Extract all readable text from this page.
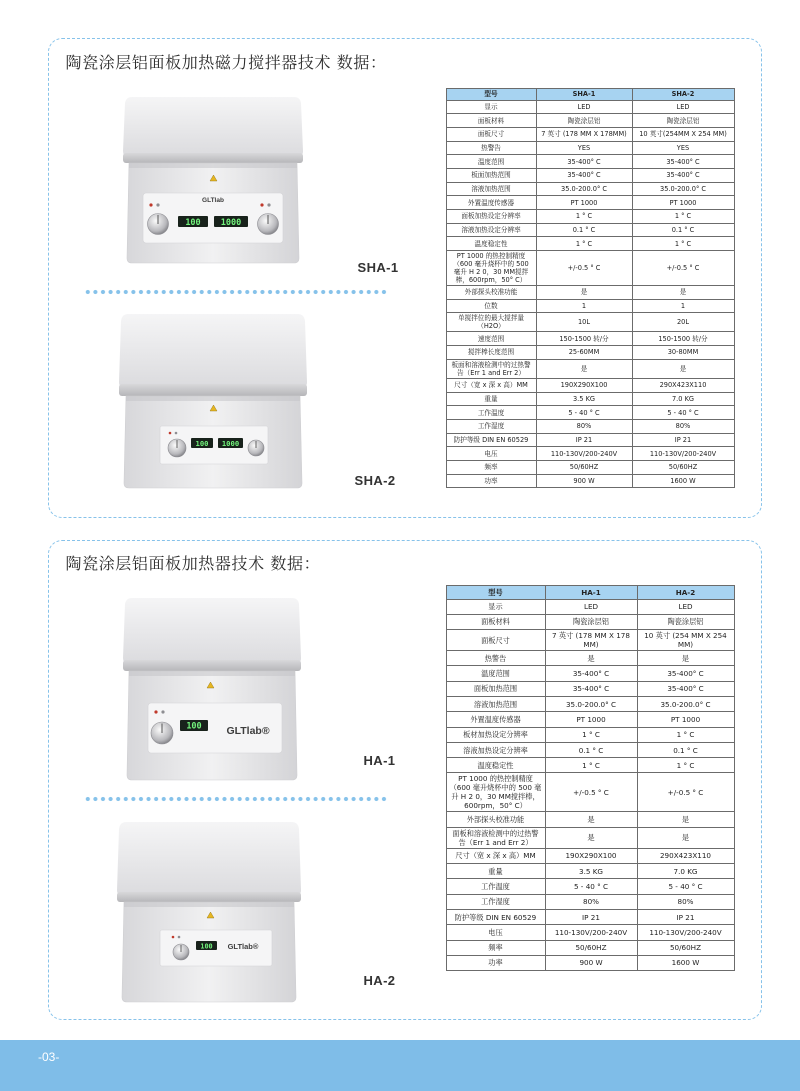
陶瓷涂层铝面板加热磁力搅拌器技术 数据：
GLTlab
100 1000
SHA-1
100 1000
SHA-2
型号	SHA-1	SHA-2
显示	LED	LED
面板材料	陶瓷涂层铝	陶瓷涂层铝
面板尺寸	7 英寸 (178 MM X 178MM)	10 英寸(254MM X 254 MM)
热警告	YES	YES
温度范围	35-400° C	35-400° C
板面加热范围	35-400° C	35-400° C
溶液加热范围	35.0-200.0° C	35.0-200.0° C
外置温度传感器	PT 1000	PT 1000
面板加热设定分辨率	1 ° C	1 ° C
溶液加热设定分辨率	0.1 ° C	0.1 ° C
温度稳定性	1 ° C	1 ° C
PT 1000 的热控制精度（600 毫升烧杯中的 500 毫升 H 2 0，30 MM搅拌棒，600rpm，50° C）	+/-0.5 ° C	+/-0.5 ° C
外部探头校准功能	是	是
位数	1	1
单搅拌位的最大搅拌量（H2O）	10L	20L
速度范围	150-1500 转/分	150-1500 转/分
搅拌棒长度范围	25-60MM	30-80MM
板面和溶液检测中的过热警告（Err 1 and Err 2）	是	是
尺寸（宽 x 深 x 高）MM	190X290X100	290X423X110
重量	3.5 KG	7.0 KG
工作温度	5 - 40 ° C	5 - 40 ° C
工作湿度	80%	80%
防护等级 DIN EN 60529	IP 21	IP 21
电压	110-130V/200-240V	110-130V/200-240V
频率	50/60HZ	50/60HZ
功率	900 W	1600 W
陶瓷涂层铝面板加热器技术 数据：
100 GLTlab®
HA-1
100 GLTlab®
HA-2
型号	HA-1	HA-2
显示	LED	LED
面板材料	陶瓷涂层铝	陶瓷涂层铝
面板尺寸	7 英寸 (178 MM X 178 MM)	10 英寸 (254 MM X 254 MM)
热警告	是	是
温度范围	35-400° C	35-400° C
面板加热范围	35-400° C	35-400° C
溶液加热范围	35.0-200.0° C	35.0-200.0° C
外置温度传感器	PT 1000	PT 1000
板材加热设定分辨率	1 ° C	1 ° C
溶液加热设定分辨率	0.1 ° C	0.1 ° C
温度稳定性	1 ° C	1 ° C
PT 1000 的热控制精度（600 毫升烧杯中的 500 毫升 H 2 0，30 MM搅拌棒，600rpm，50° C）	+/-0.5 ° C	+/-0.5 ° C
外部探头校准功能	是	是
面板和溶液检测中的过热警告（Err 1 and Err 2）	是	是
尺寸（宽 x 深 x 高）MM	190X290X100	290X423X110
重量	3.5 KG	7.0 KG
工作温度	5 - 40 ° C	5 - 40 ° C
工作湿度	80%	80%
防护等级 DIN EN 60529	IP 21	IP 21
电压	110-130V/200-240V	110-130V/200-240V
频率	50/60HZ	50/60HZ
功率	900 W	1600 W
-03-
